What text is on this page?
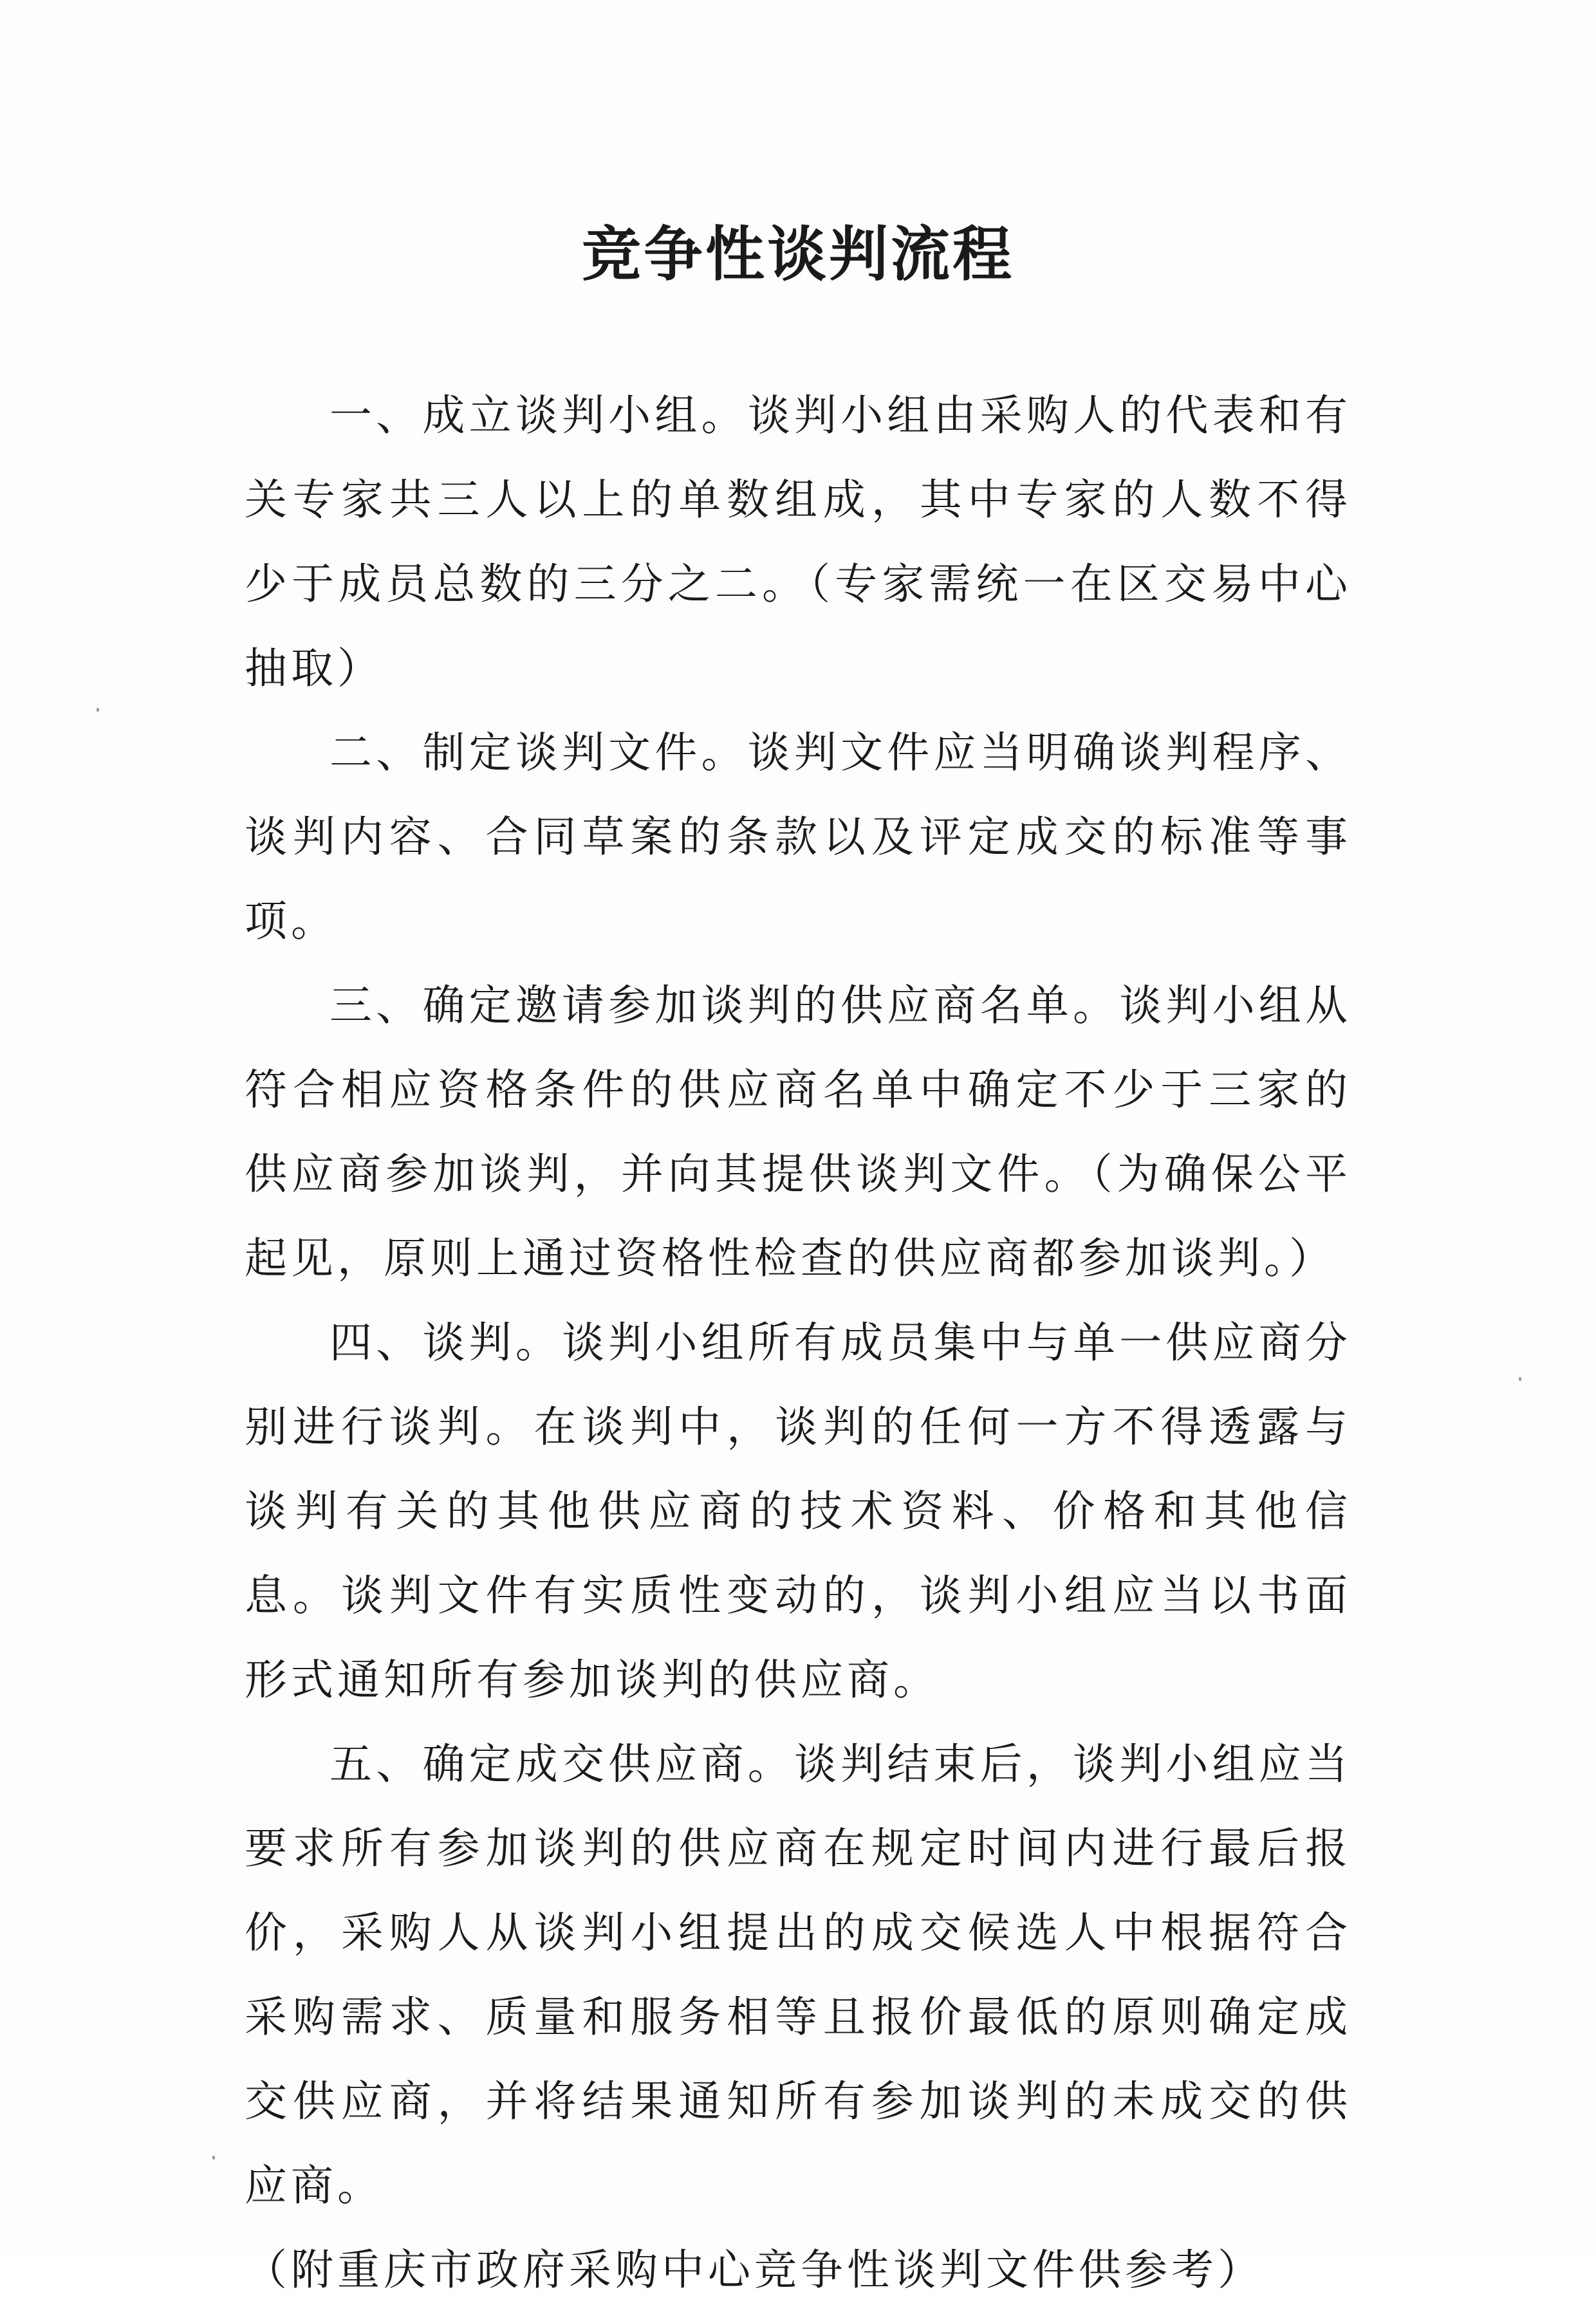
竞争性谈判流程

一、成立谈判小组。谈判小组由采购人的代表和有关专家共三人以上的单数组成，其中专家的人数不得少于成员总数的三分之二。（专家需统一在区交易中心抽取）

二、制定谈判文件。谈判文件应当明确谈判程序、谈判内容、合同草案的条款以及评定成交的标准等事项。

三、确定邀请参加谈判的供应商名单。谈判小组从符合相应资格条件的供应商名单中确定不少于三家的供应商参加谈判，并向其提供谈判文件。（为确保公平起见，原则上通过资格性检查的供应商都参加谈判。）

四、谈判。谈判小组所有成员集中与单一供应商分别进行谈判。在谈判中，谈判的任何一方不得透露与谈判有关的其他供应商的技术资料、价格和其他信息。谈判文件有实质性变动的，谈判小组应当以书面形式通知所有参加谈判的供应商。

五、确定成交供应商。谈判结束后，谈判小组应当要求所有参加谈判的供应商在规定时间内进行最后报价，采购人从谈判小组提出的成交候选人中根据符合采购需求、质量和服务相等且报价最低的原则确定成交供应商，并将结果通知所有参加谈判的未成交的供应商。

（附重庆市政府采购中心竞争性谈判文件供参考）
